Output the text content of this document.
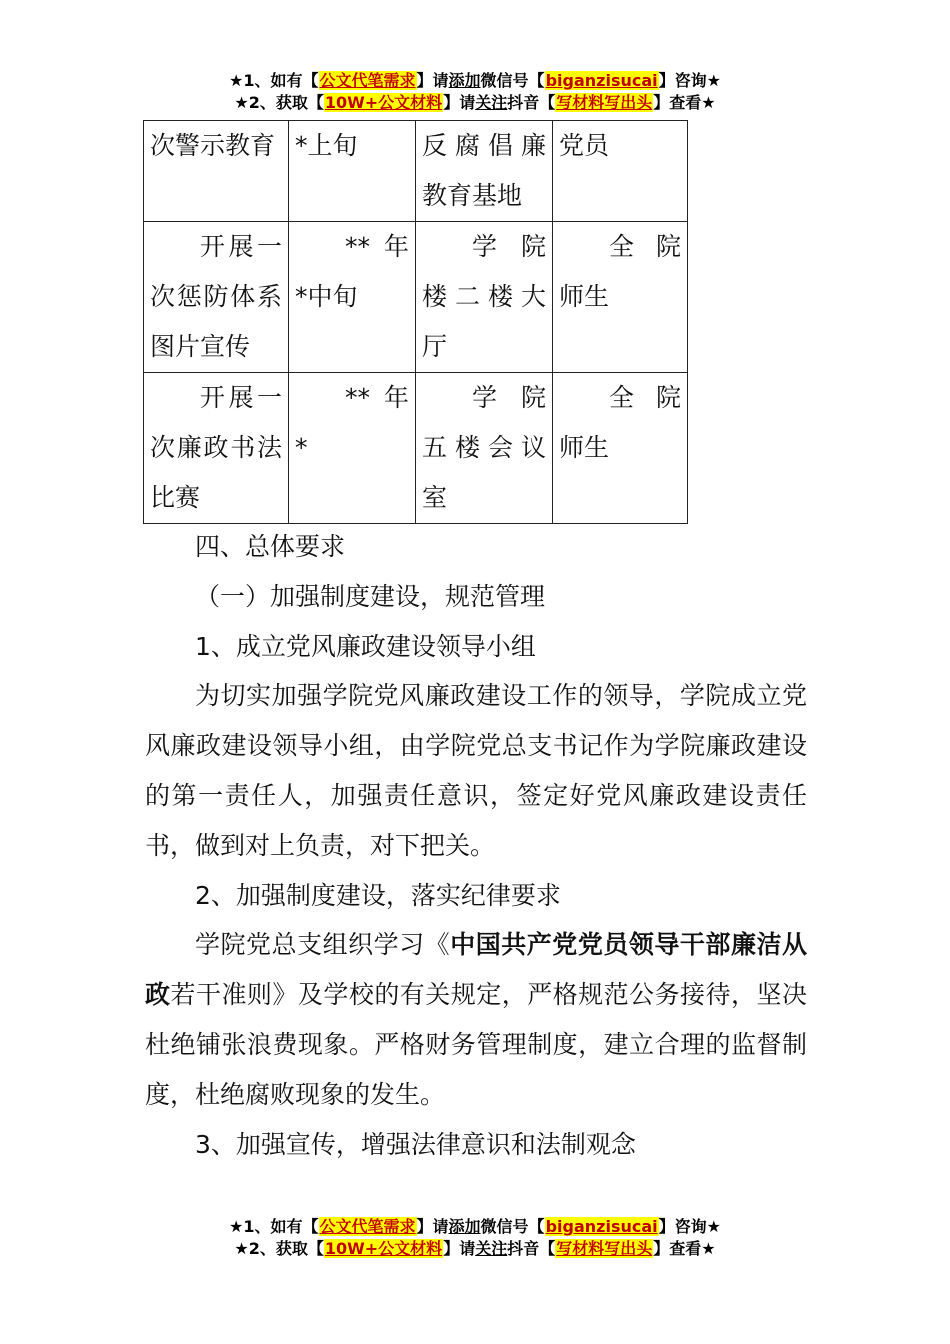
★1、如有【公文代笔需求】请添加微信号【biganzisucai】咨询★
★2、获取【10W+公文材料】请关注抖音【写材料写出头】查看★
次警示教育	*上旬	反腐倡廉教育基地	党员

开展一次惩防体系图片宣传	** 年*中旬	学院楼二楼大厅	全院师生

开展一次廉政书法比赛	** 年*	学院五楼会议室	全院师生

四、总体要求

（一）加强制度建设，规范管理

1、成立党风廉政建设领导小组

为切实加强学院党风廉政建设工作的领导，学院成立党风廉政建设领导小组，由学院党总支书记作为学院廉政建设的第一责任人，加强责任意识，签定好党风廉政建设责任书，做到对上负责，对下把关。

2、加强制度建设，落实纪律要求

学院党总支组织学习《中国共产党党员领导干部廉洁从政若干准则》及学校的有关规定，严格规范公务接待，坚决杜绝铺张浪费现象。严格财务管理制度，建立合理的监督制度，杜绝腐败现象的发生。

3、加强宣传，增强法律意识和法制观念

★1、如有【公文代笔需求】请添加微信号【biganzisucai】咨询★
★2、获取【10W+公文材料】请关注抖音【写材料写出头】查看★
